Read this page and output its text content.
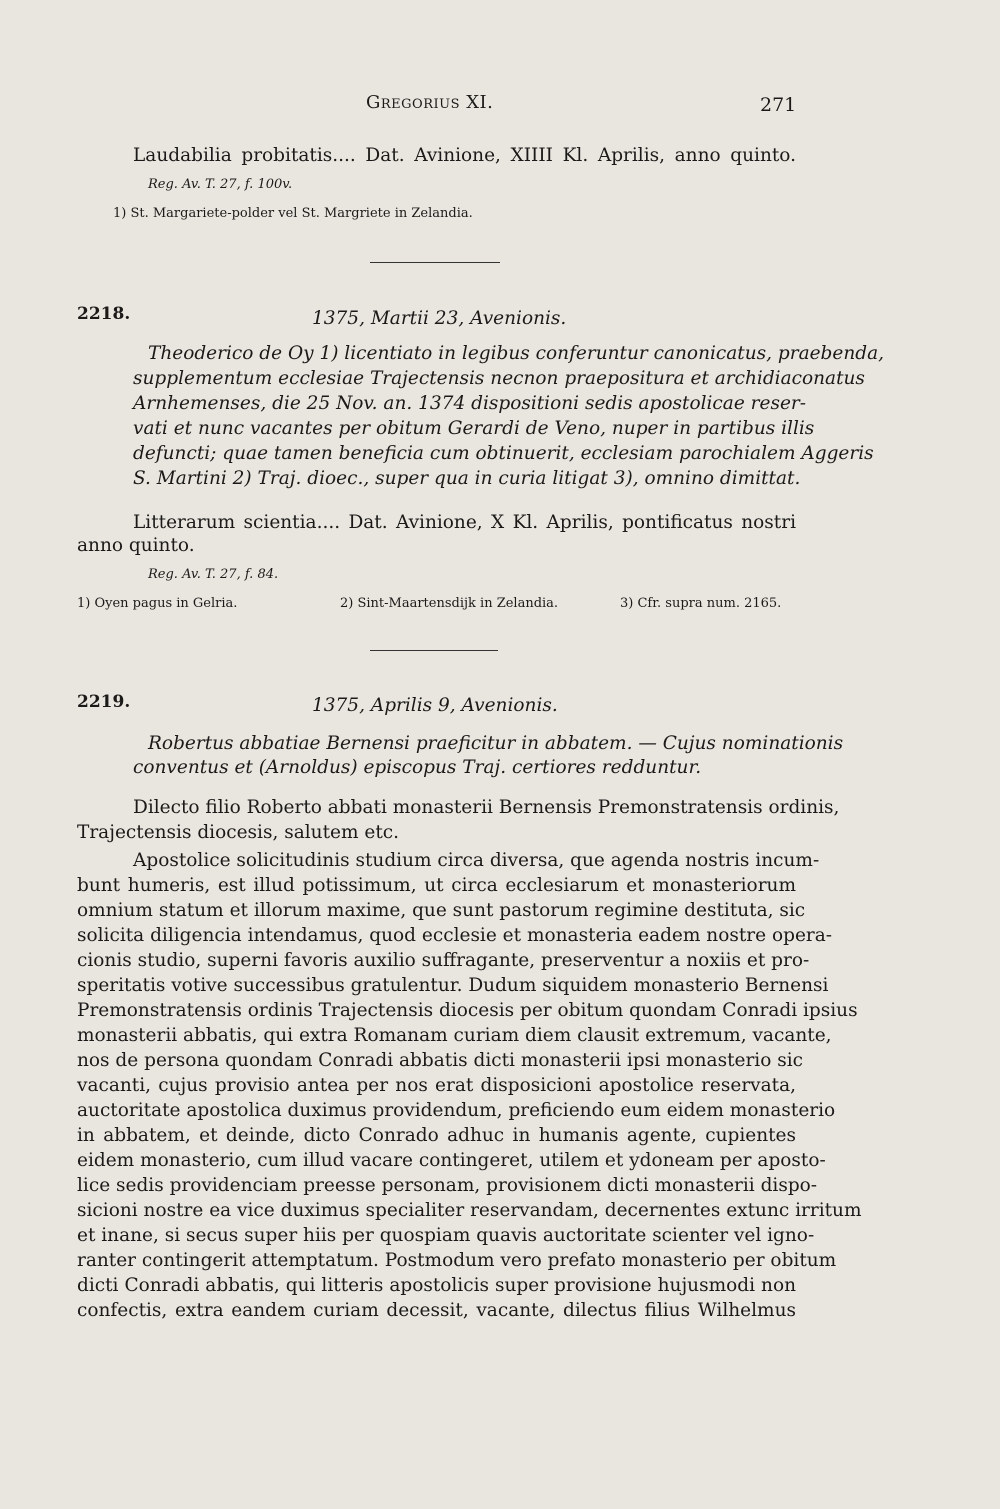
Gregorius XI.	271
Laudabilia probitatis.... Dat. Avinione, XIIII Kl. Aprilis, anno quinto.
Reg. Av. T. 27, f. 100v.
1) St. Margariete-polder vel St. Margriete in Zelandia.
2218.	1375, Martii 23, Avenionis.
Theoderico de Oy 1) licentiato in legibus conferuntur canonicatus, praebenda,
supplementum ecclesiae Trajectensis necnon praepositura et archidiaconatus
Arnhemenses, die 25 Nov. an. 1374 dispositioni sedis apostolicae reser-
vati et nunc vacantes per obitum Gerardi de Veno, nuper in partibus illis
defuncti; quae tamen beneficia cum obtinuerit, ecclesiam parochialem Aggeris
S. Martini 2) Traj. dioec., super qua in curia litigat 3), omnino dimittat.
Litterarum scientia.... Dat. Avinione, X Kl. Aprilis, pontificatus nostri
anno quinto.
Reg. Av. T. 27, f. 84.
1) Oyen pagus in Gelria.	2) Sint-Maartensdijk in Zelandia.	3) Cfr. supra num. 2165.
2219.	1375, Aprilis 9, Avenionis.
Robertus abbatiae Bernensi praeficitur in abbatem. — Cujus nominationis
conventus et (Arnoldus) episcopus Traj. certiores redduntur.
Dilecto filio Roberto abbati monasterii Bernensis Premonstratensis ordinis,
Trajectensis diocesis, salutem etc.
Apostolice solicitudinis studium circa diversa, que agenda nostris incum-
bunt humeris, est illud potissimum, ut circa ecclesiarum et monasteriorum
omnium statum et illorum maxime, que sunt pastorum regimine destituta, sic
solicita diligencia intendamus, quod ecclesie et monasteria eadem nostre opera-
cionis studio, superni favoris auxilio suffragante, preserventur a noxiis et pro-
speritatis votive successibus gratulentur. Dudum siquidem monasterio Bernensi
Premonstratensis ordinis Trajectensis diocesis per obitum quondam Conradi ipsius
monasterii abbatis, qui extra Romanam curiam diem clausit extremum, vacante,
nos de persona quondam Conradi abbatis dicti monasterii ipsi monasterio sic
vacanti, cujus provisio antea per nos erat disposicioni apostolice reservata,
auctoritate apostolica duximus providendum, preficiendo eum eidem monasterio
in abbatem, et deinde, dicto Conrado adhuc in humanis agente, cupientes
eidem monasterio, cum illud vacare contingeret, utilem et ydoneam per aposto-
lice sedis providenciam preesse personam, provisionem dicti monasterii dispo-
sicioni nostre ea vice duximus specialiter reservandam, decernentes extunc irritum
et inane, si secus super hiis per quospiam quavis auctoritate scienter vel igno-
ranter contingerit attemptatum. Postmodum vero prefato monasterio per obitum
dicti Conradi abbatis, qui litteris apostolicis super provisione hujusmodi non
confectis, extra eandem curiam decessit, vacante, dilectus filius Wilhelmus
